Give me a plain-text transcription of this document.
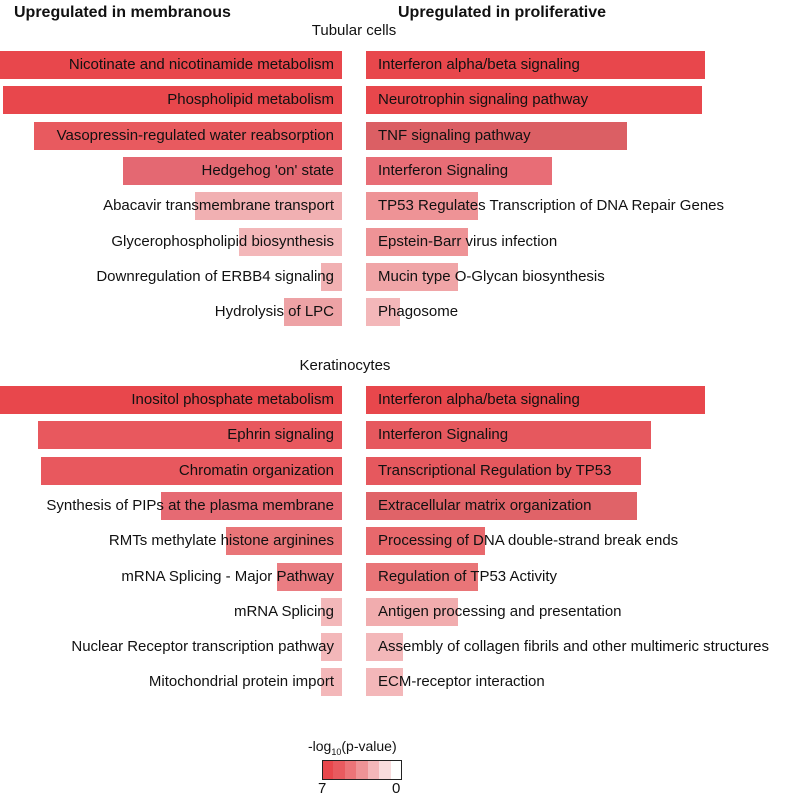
Upregulated in membranous	Upregulated in proliferative
Tubular cells
Keratinocytes
Nicotinate and nicotinamide metabolism
Phospholipid metabolism
Vasopressin-regulated water reabsorption
Hedgehog 'on' state
Abacavir transmembrane transport
Glycerophospholipid biosynthesis
Downregulation of ERBB4 signaling
Hydrolysis of LPC
Interferon alpha/beta signaling
Neurotrophin signaling pathway
TNF signaling pathway
Interferon Signaling
TP53 Regulates Transcription of DNA Repair Genes
Epstein-Barr virus infection
Mucin type O-Glycan biosynthesis
Phagosome
Inositol phosphate metabolism
Ephrin signaling
Chromatin organization
Synthesis of PIPs at the plasma membrane
RMTs methylate histone arginines
mRNA Splicing - Major Pathway
mRNA Splicing
Nuclear Receptor transcription pathway
Mitochondrial protein import
Interferon alpha/beta signaling
Interferon Signaling
Transcriptional Regulation by TP53
Extracellular matrix organization
Processing of DNA double-strand break ends
Regulation of TP53 Activity
Antigen processing and presentation
Assembly of collagen fibrils and other multimeric structures
ECM-receptor interaction
$-\log_{10}(p-value)$
7	0
